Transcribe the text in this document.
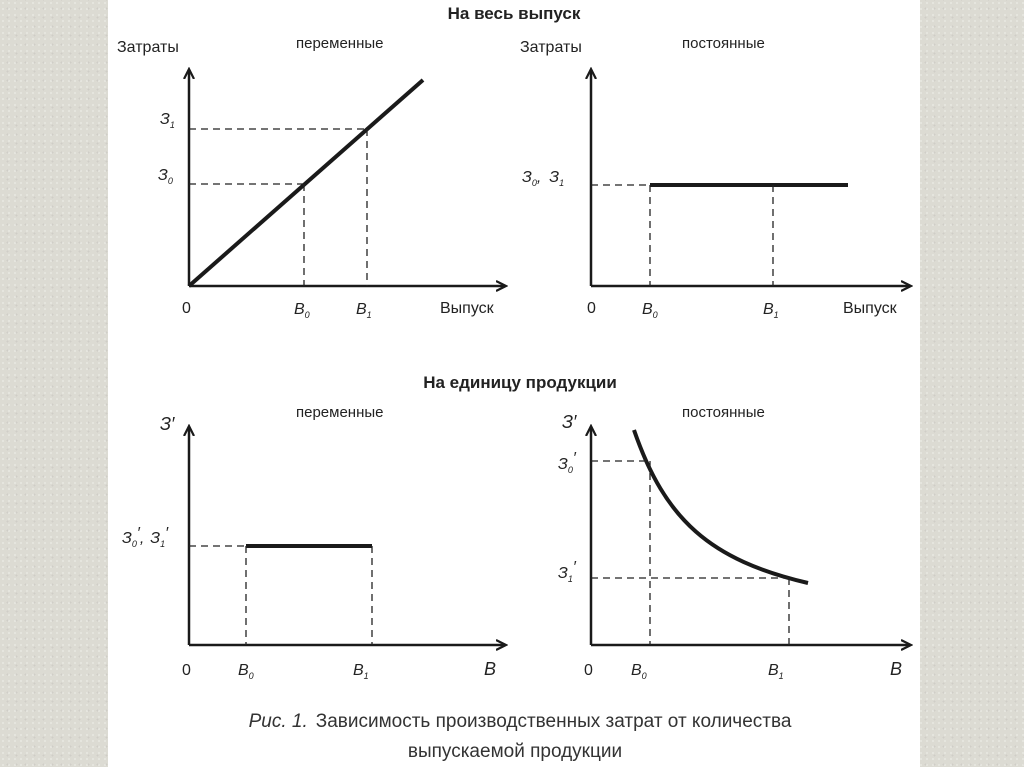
На весь выпуск
На единицу продукции
Затраты	переменные
Выпуск
0
$З_1$
$З_0$
$В_0$	$В_1$
Затраты	постоянные
Выпуск
0
$З_0$, $З_1$
$В_0$	$В_1$
З′
переменные
В
0
$З_0'$, $З_1'$
$В_0$	$В_1$
З′	постоянные
В
0
$З_0'$
$З_1'$
$В_0$	$В_1$
Рис. 1. Зависимость производственных затрат от количества
выпускаемой продукции
